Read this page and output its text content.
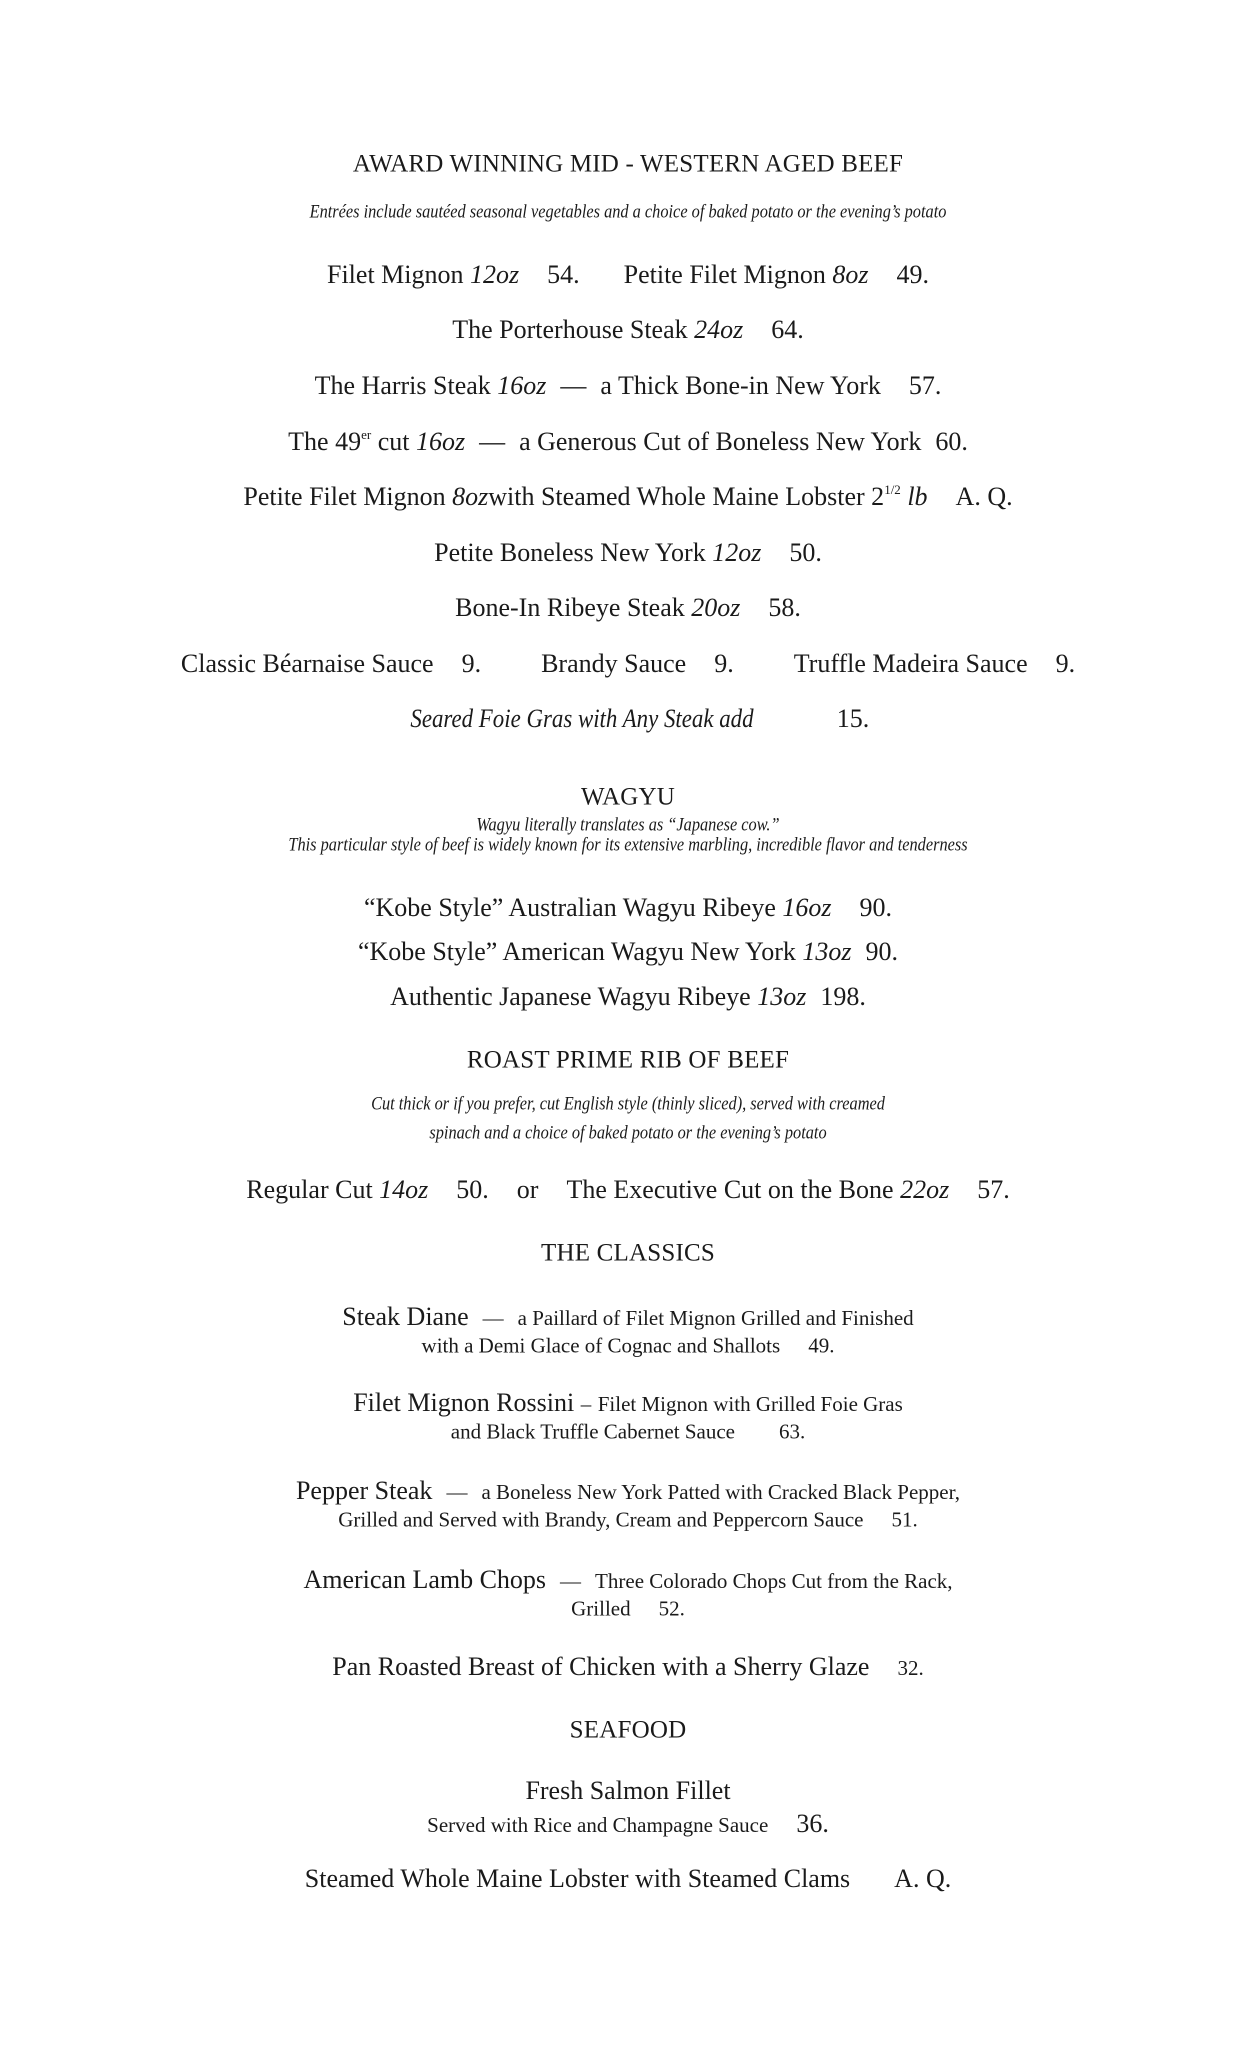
AWARD WINNING MID - WESTERN AGED BEEF
Entrées include sautéed seasonal vegetables and a choice of baked potato or the evening’s potato
Filet Mignon 12oz 54. Petite Filet Mignon 8oz 49.
The Porterhouse Steak 24oz 64.
The Harris Steak 16oz — a Thick Bone-in New York 57.
The 49er cut 16oz — a Generous Cut of Boneless New York 60.
Petite Filet Mignon 8ozwith Steamed Whole Maine Lobster $2^{1/2}$ lb A. Q.
Petite Boneless New York 12oz 50.
Bone-In Ribeye Steak 20oz 58.
Classic Béarnaise Sauce 9. Brandy Sauce 9. Truffle Madeira Sauce 9.
Seared Foie Gras with Any Steak add	15.
WAGYU
Wagyu literally translates as “Japanese cow.”
This particular style of beef is widely known for its extensive marbling, incredible flavor and tenderness
“Kobe Style” Australian Wagyu Ribeye 16oz 90.
“Kobe Style” American Wagyu New York 13oz 90.
Authentic Japanese Wagyu Ribeye 13oz 198.
ROAST PRIME RIB OF BEEF
Cut thick or if you prefer, cut English style (thinly sliced), served with creamed
spinach and a choice of baked potato or the evening’s potato
Regular Cut 14oz 50. or The Executive Cut on the Bone 22oz 57.
THE CLASSICS
Steak Diane — a Paillard of Filet Mignon Grilled and Finished
with a Demi Glace of Cognac and Shallots 49.
Filet Mignon Rossini – Filet Mignon with Grilled Foie Gras
and Black Truffle Cabernet Sauce 63.
Pepper Steak — a Boneless New York Patted with Cracked Black Pepper,
Grilled and Served with Brandy, Cream and Peppercorn Sauce 51.
American Lamb Chops — Three Colorado Chops Cut from the Rack,
Grilled 52.
Pan Roasted Breast of Chicken with a Sherry Glaze 32.
SEAFOOD
Fresh Salmon Fillet
Served with Rice and Champagne Sauce 36.
Steamed Whole Maine Lobster with Steamed Clams A. Q.
